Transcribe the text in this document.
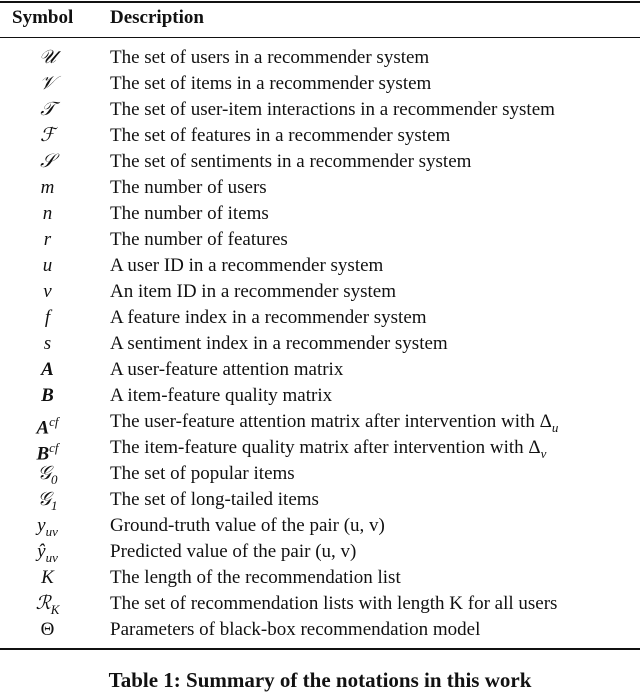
Symbol Description
𝒰	The set of users in a recommender system
𝒱	The set of items in a recommender system
𝒯	The set of user-item interactions in a recommender system
ℱ	The set of features in a recommender system
𝒮	The set of sentiments in a recommender system
m	The number of users
n	The number of items
r	The number of features
u	A user ID in a recommender system
v	An item ID in a recommender system
f	A feature index in a recommender system
s	A sentiment index in a recommender system
A	A user-feature attention matrix
B	A item-feature quality matrix
$A^{cf}$	The user-feature attention matrix after intervention with $\Delta_u$
$B^{cf}$	The item-feature quality matrix after intervention with $\Delta_v$
𝒢$_0$	The set of popular items
𝒢$_1$	The set of long-tailed items
$y_{uv}$	Ground-truth value of the pair (u, v)
$ŷ_{uv}$	Predicted value of the pair (u, v)
K	The length of the recommendation list
ℛ$_K$	The set of recommendation lists with length K for all users
Θ	Parameters of black-box recommendation model
Table 1: Summary of the notations in this work
